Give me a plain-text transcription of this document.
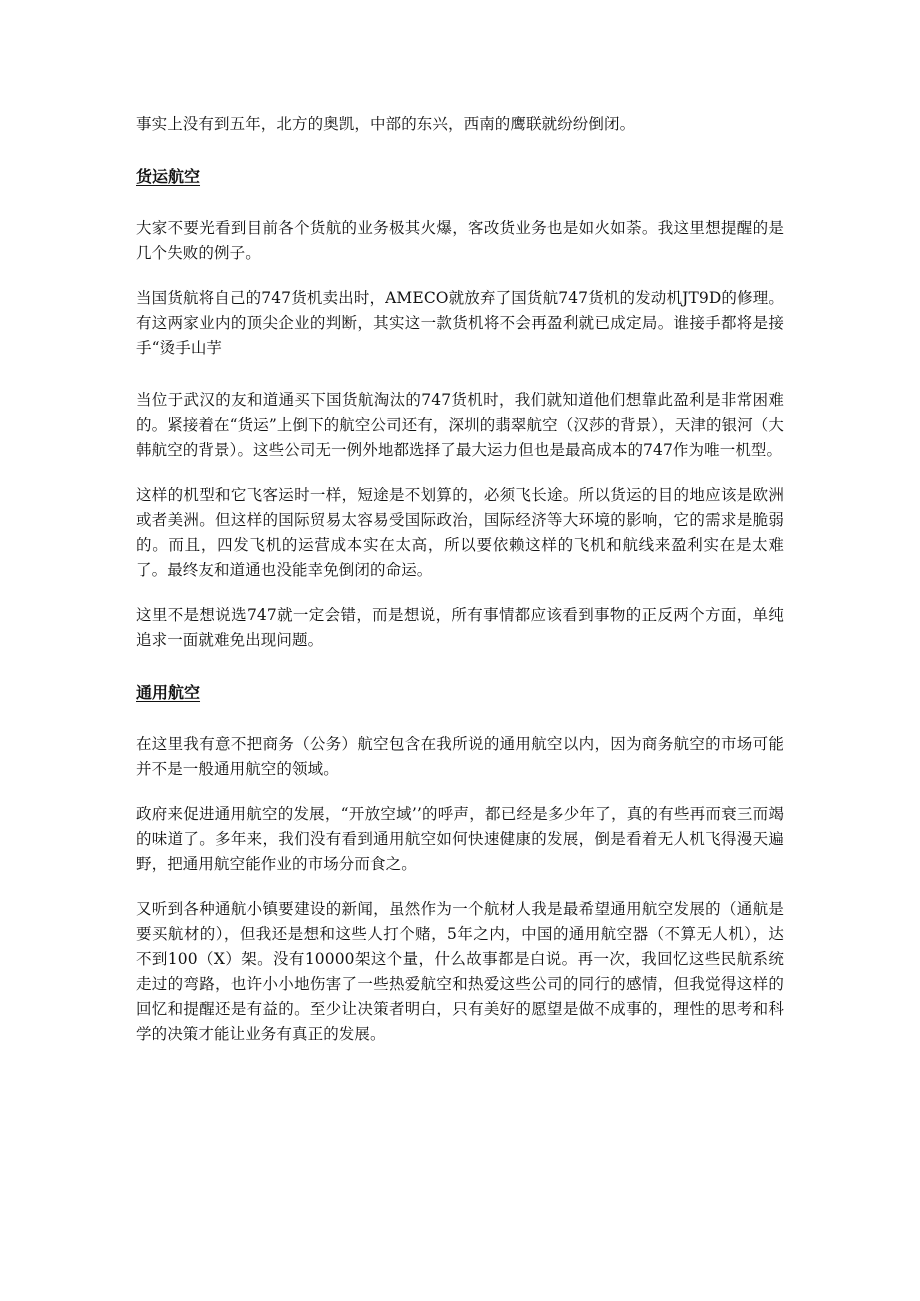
事实上没有到五年，北方的奥凯，中部的东兴，西南的鹰联就纷纷倒闭。

货运航空

大家不要光看到目前各个货航的业务极其火爆，客改货业务也是如火如荼。我这里想提醒的是几个失败的例子。

当国货航将自己的747货机卖出时，AMECO就放弃了国货航747货机的发动机JT9D的修理。有这两家业内的顶尖企业的判断，其实这一款货机将不会再盈利就已成定局。谁接手都将是接手“烫手山芋

当位于武汉的友和道通买下国货航淘汰的747货机时，我们就知道他们想靠此盈利是非常困难的。紧接着在“货运”上倒下的航空公司还有，深圳的翡翠航空（汉莎的背景），天津的银河（大韩航空的背景）。这些公司无一例外地都选择了最大运力但也是最高成本的747作为唯一机型。

这样的机型和它飞客运时一样，短途是不划算的，必须飞长途。所以货运的目的地应该是欧洲或者美洲。但这样的国际贸易太容易受国际政治，国际经济等大环境的影响，它的需求是脆弱的。而且，四发飞机的运营成本实在太高，所以要依赖这样的飞机和航线来盈利实在是太难了。最终友和道通也没能幸免倒闭的命运。

这里不是想说选747就一定会错，而是想说，所有事情都应该看到事物的正反两个方面，单纯追求一面就难免出现问题。

通用航空

在这里我有意不把商务（公务）航空包含在我所说的通用航空以内，因为商务航空的市场可能并不是一般通用航空的领域。

政府来促进通用航空的发展，“开放空域’’的呼声，都已经是多少年了，真的有些再而衰三而竭的味道了。多年来，我们没有看到通用航空如何快速健康的发展，倒是看着无人机飞得漫天遍野，把通用航空能作业的市场分而食之。

又听到各种通航小镇要建设的新闻，虽然作为一个航材人我是最希望通用航空发展的（通航是要买航材的），但我还是想和这些人打个赌，5年之内，中国的通用航空器（不算无人机），达不到100（X）架。没有10000架这个量，什么故事都是白说。再一次，我回忆这些民航系统走过的弯路，也许小小地伤害了一些热爱航空和热爱这些公司的同行的感情，但我觉得这样的回忆和提醒还是有益的。至少让决策者明白，只有美好的愿望是做不成事的，理性的思考和科学的决策才能让业务有真正的发展。
